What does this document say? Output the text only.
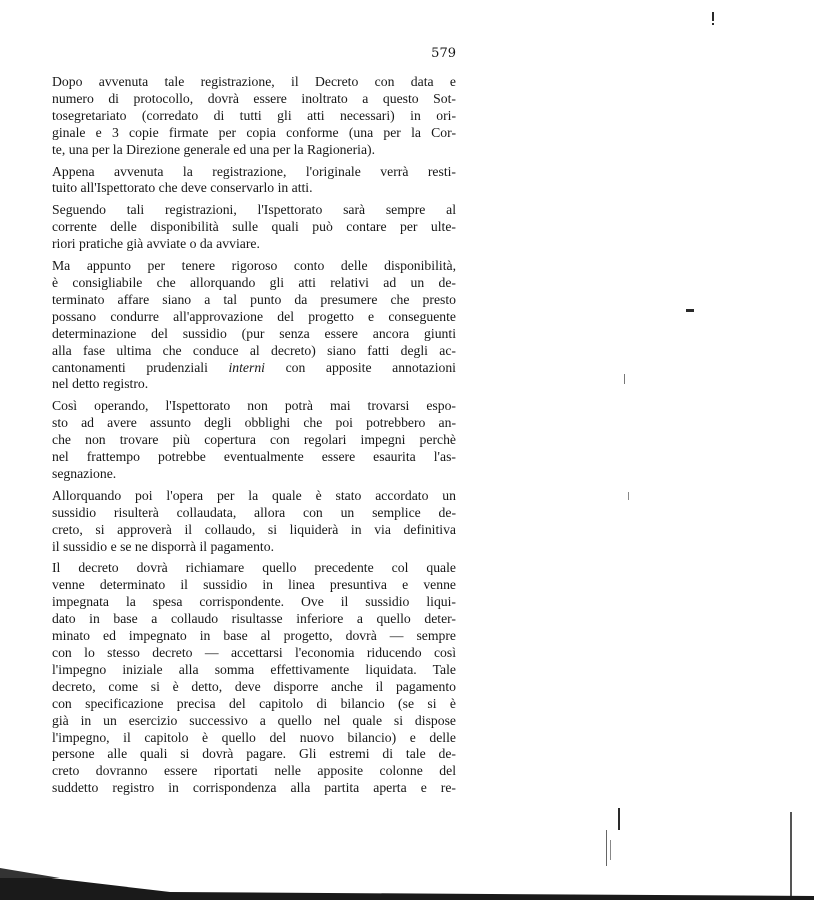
579

Dopo avvenuta tale registrazione, il Decreto con data e
numero di protocollo, dovrà essere inoltrato a questo Sot-
tosegretariato (corredato di tutti gli atti necessari) in ori-
ginale e 3 copie firmate per copia conforme (una per la Cor-
te, una per la Direzione generale ed una per la Ragioneria).

Appena avvenuta la registrazione, l'originale verrà resti-
tuito all'Ispettorato che deve conservarlo in atti.

Seguendo tali registrazioni, l'Ispettorato sarà sempre al
corrente delle disponibilità sulle quali può contare per ulte-
riori pratiche già avviate o da avviare.

Ma appunto per tenere rigoroso conto delle disponibilità,
è consigliabile che allorquando gli atti relativi ad un de-
terminato affare siano a tal punto da presumere che presto
possano condurre all'approvazione del progetto e conseguente
determinazione del sussidio (pur senza essere ancora giunti
alla fase ultima che conduce al decreto) siano fatti degli ac-
cantonamenti prudenziali interni con apposite annotazioni
nel detto registro.

Così operando, l'Ispettorato non potrà mai trovarsi espo-
sto ad avere assunto degli obblighi che poi potrebbero an-
che non trovare più copertura con regolari impegni perchè
nel frattempo potrebbe eventualmente essere esaurita l'as-
segnazione.

Allorquando poi l'opera per la quale è stato accordato un
sussidio risulterà collaudata, allora con un semplice de-
creto, si approverà il collaudo, si liquiderà in via definitiva
il sussidio e se ne disporrà il pagamento.

Il decreto dovrà richiamare quello precedente col quale
venne determinato il sussidio in linea presuntiva e venne
impegnata la spesa corrispondente. Ove il sussidio liqui-
dato in base a collaudo risultasse inferiore a quello deter-
minato ed impegnato in base al progetto, dovrà — sempre
con lo stesso decreto — accettarsi l'economia riducendo così
l'impegno iniziale alla somma effettivamente liquidata. Tale
decreto, come si è detto, deve disporre anche il pagamento
con specificazione precisa del capitolo di bilancio (se si è
già in un esercizio successivo a quello nel quale si dispose
l'impegno, il capitolo è quello del nuovo bilancio) e delle
persone alle quali si dovrà pagare. Gli estremi di tale de-
creto dovranno essere riportati nelle apposite colonne del
suddetto registro in corrispondenza alla partita aperta e re-
